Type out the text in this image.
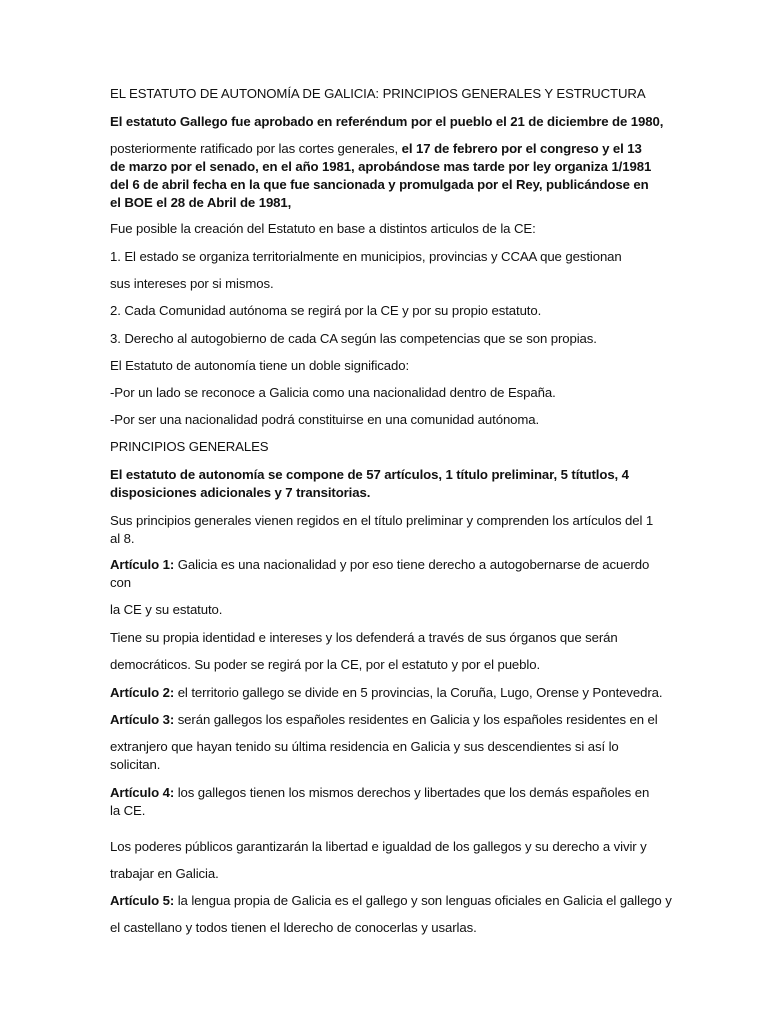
EL ESTATUTO DE AUTONOMÍA DE GALICIA: PRINCIPIOS GENERALES Y ESTRUCTURA
El estatuto Gallego fue aprobado en referéndum por el pueblo el 21 de diciembre de 1980,
posteriormente ratificado por las cortes generales, el 17 de febrero por el congreso y el 13 de marzo por el senado, en el año 1981, aprobándose mas tarde por ley organiza 1/1981 del 6 de abril fecha en la que fue sancionada y promulgada por el Rey, publicándose en el BOE el 28 de Abril de 1981,
Fue posible la creación del Estatuto en base a distintos articulos de la CE:
1. El estado se organiza territorialmente en municipios, provincias y CCAA que gestionan
sus intereses por si mismos.
2. Cada Comunidad autónoma se regirá por la CE y por su propio estatuto.
3. Derecho al autogobierno de cada CA según las competencias que se son propias.
El Estatuto de autonomía tiene un doble significado:
-Por un lado se reconoce a Galicia como una nacionalidad dentro de España.
-Por ser una nacionalidad podrá constituirse en una comunidad autónoma.
PRINCIPIOS GENERALES
El estatuto de autonomía se compone de 57 artículos, 1 título preliminar, 5 títutlos, 4 disposiciones adicionales y 7 transitorias.
Sus principios generales vienen regidos en el título preliminar y comprenden los artículos del 1 al 8.
Artículo 1: Galicia es una nacionalidad y por eso tiene derecho a autogobernarse de acuerdo con
la CE y su estatuto.
Tiene su propia identidad e intereses y los defenderá a través de sus órganos que serán
democráticos. Su poder se regirá por la CE, por el estatuto y por el pueblo.
Artículo 2: el territorio gallego se divide en 5 provincias, la Coruña, Lugo, Orense y Pontevedra.
Artículo 3: serán gallegos los españoles residentes en Galicia y los españoles residentes en el
extranjero que hayan tenido su última residencia en Galicia y sus descendientes si así lo solicitan.
Artículo 4: los gallegos tienen los mismos derechos y libertades que los demás españoles en la CE.
Los poderes públicos garantizarán la libertad e igualdad de los gallegos y su derecho a vivir y
trabajar en Galicia.
Artículo 5: la lengua propia de Galicia es el gallego y son lenguas oficiales en Galicia el gallego y
el castellano y todos tienen el lderecho de conocerlas y usarlas.
